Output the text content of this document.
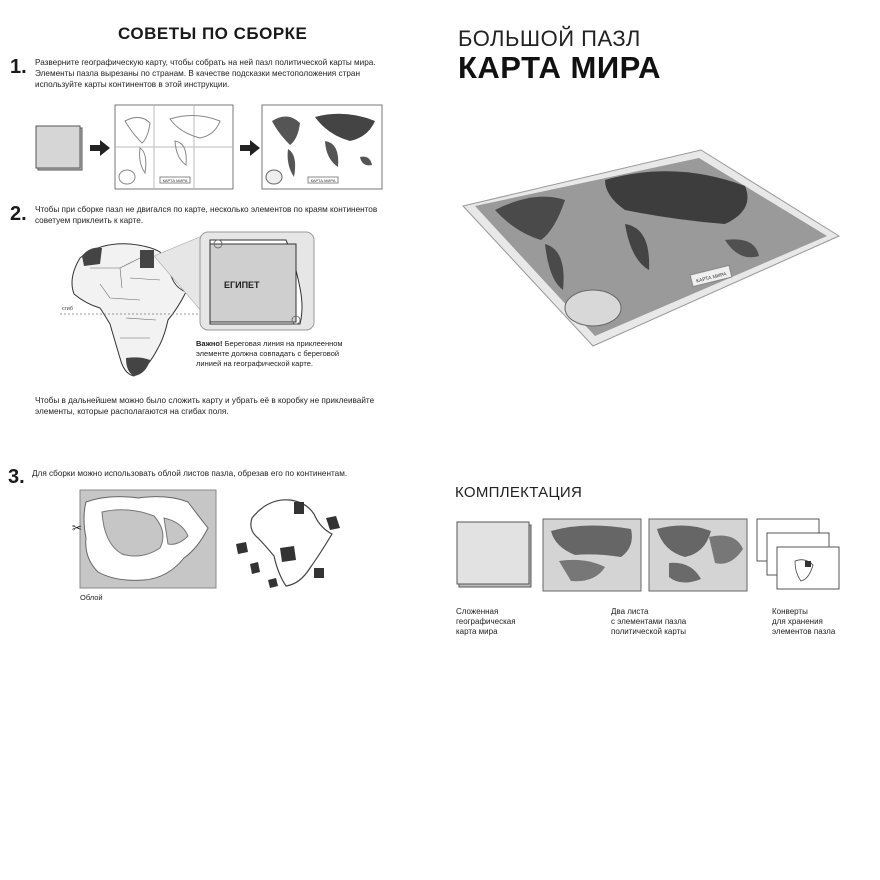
СОВЕТЫ ПО СБОРКЕ
1. Разверните географическую карту, чтобы собрать на ней пазл политической карты мира. Элементы пазла вырезаны по странам. В качестве подсказки местоположения стран используйте карты континентов в этой инструкции.
КАРТА МИРА	КАРТА МИРА
2. Чтобы при сборке пазл не двигался по карте, несколько элементов по краям континентов советуем приклеить к карте.
сгиб
ЕГИПЕТ
Важно! Береговая линия на приклеенном элементе должна совпадать с береговой линией на географической карте.
Чтобы в дальнейшем можно было сложить карту и убрать её в коробку не приклеивайте элементы, которые располагаются на сгибах поля.
3. Для сборки можно использовать облой листов пазла, обрезав его по континентам.
✂
Облой
БОЛЬШОЙ ПАЗЛ
КАРТА МИРА
КАРТА МИРА
КОМПЛЕКТАЦИЯ
Сложенная
географическая
карта мира
Два листа
с элементами пазла
политической карты
Конверты
для хранения
элементов пазла
